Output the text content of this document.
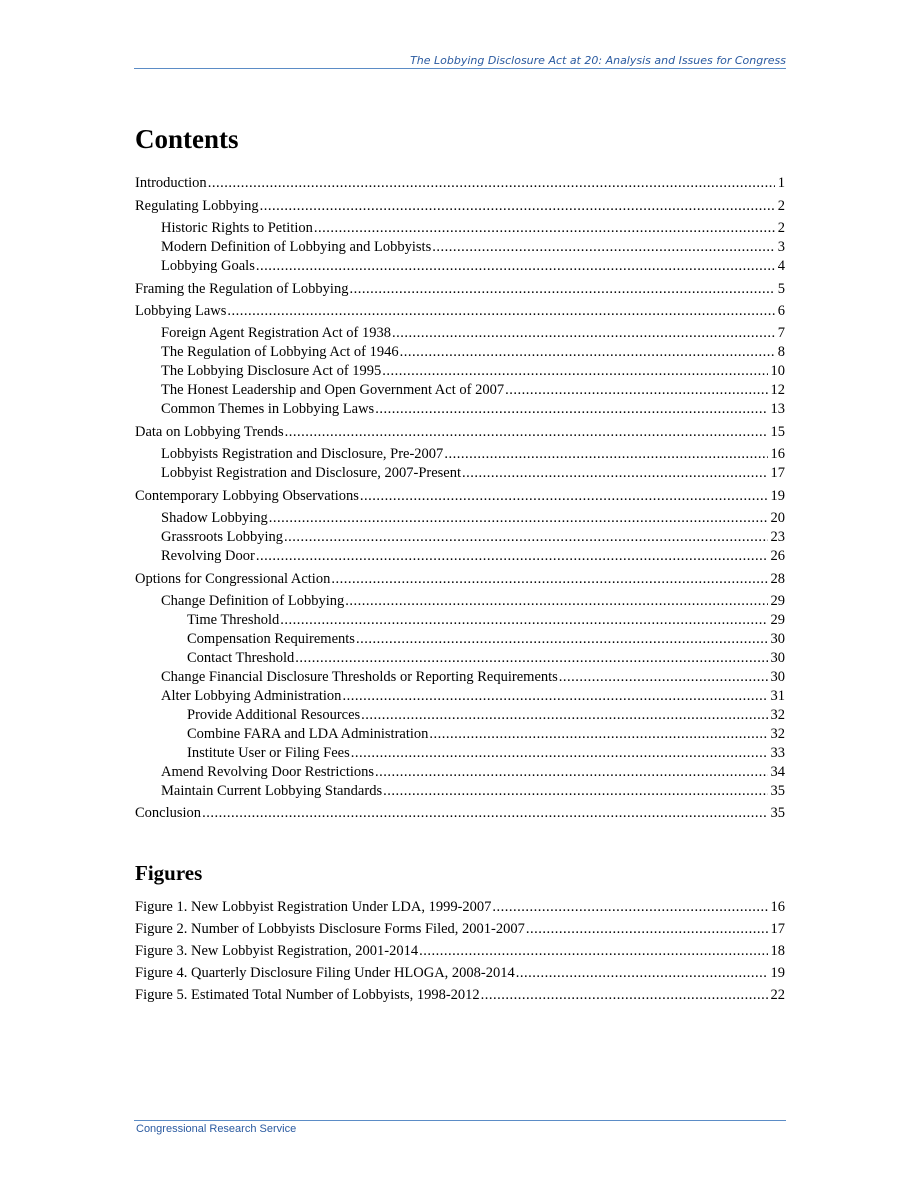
The Lobbying Disclosure Act at 20: Analysis and Issues for Congress
Contents
Introduction .....	1
Regulating Lobbying .....	2
Historic Rights to Petition .....	2
Modern Definition of Lobbying and Lobbyists .....	3
Lobbying Goals .....	4
Framing the Regulation of Lobbying .....	5
Lobbying Laws .....	6
Foreign Agent Registration Act of 1938 .....	7
The Regulation of Lobbying Act of 1946 .....	8
The Lobbying Disclosure Act of 1995 .....	10
The Honest Leadership and Open Government Act of 2007 .....	12
Common Themes in Lobbying Laws .....	13
Data on Lobbying Trends .....	15
Lobbyists Registration and Disclosure, Pre-2007 .....	16
Lobbyist Registration and Disclosure, 2007-Present .....	17
Contemporary Lobbying Observations .....	19
Shadow Lobbying .....	20
Grassroots Lobbying .....	23
Revolving Door .....	26
Options for Congressional Action .....	28
Change Definition of Lobbying .....	29
Time Threshold .....	29
Compensation Requirements .....	30
Contact Threshold .....	30
Change Financial Disclosure Thresholds or Reporting Requirements .....	30
Alter Lobbying Administration .....	31
Provide Additional Resources .....	32
Combine FARA and LDA Administration .....	32
Institute User or Filing Fees .....	33
Amend Revolving Door Restrictions .....	34
Maintain Current Lobbying Standards .....	35
Conclusion .....	35
Figures
Figure 1. New Lobbyist Registration Under LDA, 1999-2007 .....	16
Figure 2. Number of Lobbyists Disclosure Forms Filed, 2001-2007 .....	17
Figure 3. New Lobbyist Registration, 2001-2014 .....	18
Figure 4. Quarterly Disclosure Filing Under HLOGA, 2008-2014 .....	19
Figure 5. Estimated Total Number of Lobbyists, 1998-2012 .....	22
Congressional Research Service
